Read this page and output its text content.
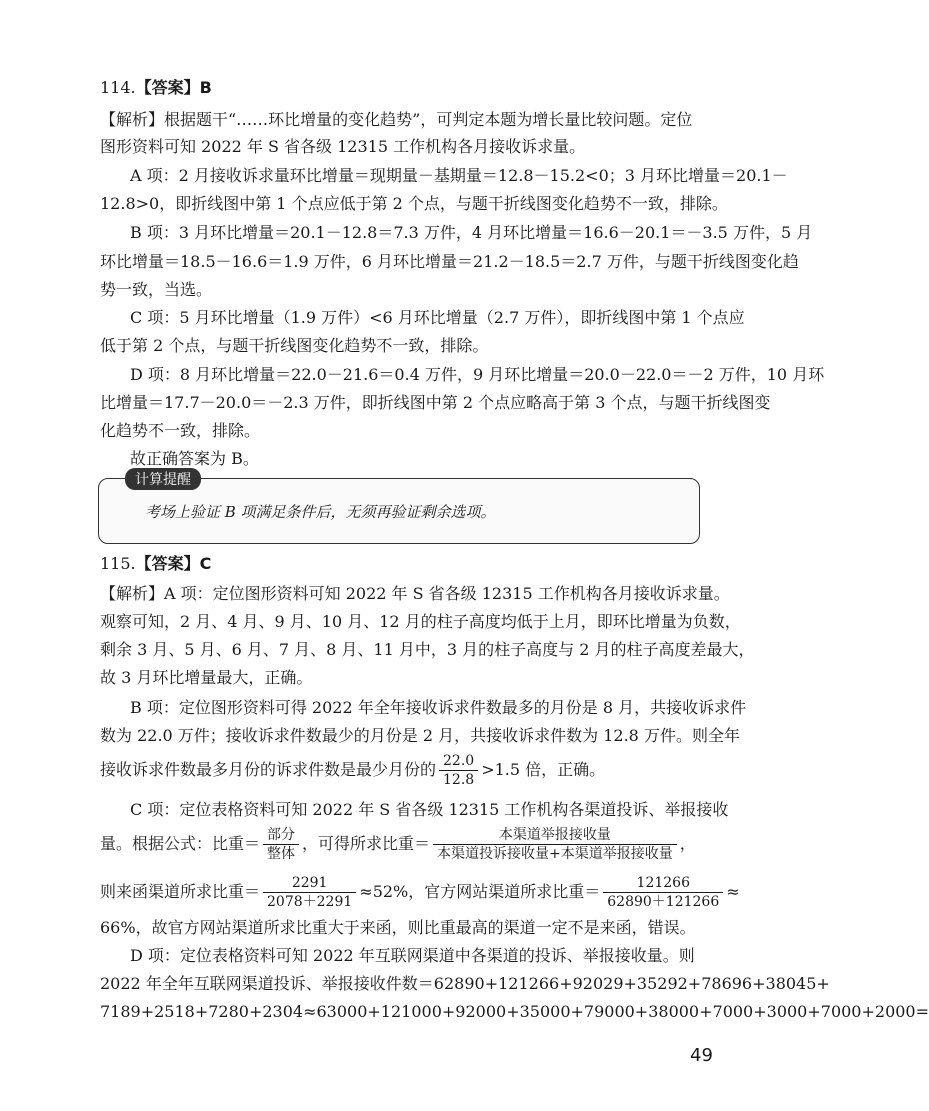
114.【答案】B
【解析】根据题干“……环比增量的变化趋势”，可判定本题为增长量比较问题。定位
图形资料可知 2022 年 S 省各级 12315 工作机构各月接收诉求量。
A 项：2 月接收诉求量环比增量＝现期量－基期量＝12.8－15.2<0；3 月环比增量＝20.1－
12.8>0，即折线图中第 1 个点应低于第 2 个点，与题干折线图变化趋势不一致，排除。
B 项：3 月环比增量＝20.1－12.8＝7.3 万件，4 月环比增量＝16.6－20.1＝－3.5 万件，5 月
环比增量＝18.5－16.6＝1.9 万件，6 月环比增量＝21.2－18.5＝2.7 万件，与题干折线图变化趋
势一致，当选。
C 项：5 月环比增量（1.9 万件）<6 月环比增量（2.7 万件），即折线图中第 1 个点应
低于第 2 个点，与题干折线图变化趋势不一致，排除。
D 项：8 月环比增量＝22.0－21.6＝0.4 万件，9 月环比增量＝20.0－22.0＝－2 万件，10 月环
比增量＝17.7－20.0＝－2.3 万件，即折线图中第 2 个点应略高于第 3 个点，与题干折线图变
化趋势不一致，排除。
故正确答案为 B。
计算提醒
考场上验证 B 项满足条件后，无须再验证剩余选项。
115.【答案】C
【解析】A 项：定位图形资料可知 2022 年 S 省各级 12315 工作机构各月接收诉求量。
观察可知，2 月、4 月、9 月、10 月、12 月的柱子高度均低于上月，即环比增量为负数，
剩余 3 月、5 月、6 月、7 月、8 月、11 月中，3 月的柱子高度与 2 月的柱子高度差最大，
故 3 月环比增量最大，正确。
B 项：定位图形资料可得 2022 年全年接收诉求件数最多的月份是 8 月，共接收诉求件
数为 22.0 万件；接收诉求件数最少的月份是 2 月，共接收诉求件数为 12.8 万件。则全年
接收诉求件数最多月份的诉求件数是最少月份的 $\frac{22.0}{12.8} >1.5$ 倍，正确。
C 项：定位表格资料可知 2022 年 S 省各级 12315 工作机构各渠道投诉、举报接收
量。根据公式：比重＝ $\frac{\text{部分}}{\text{整体}}$ ，可得所求比重＝ $\frac{\text{本渠道举报接收量}}{\text{本渠道投诉接收量+本渠道举报接收量}}$ ，
则来函渠道所求比重＝ $\frac{2291}{2078+2291} \approx 52\%$，官方网站渠道所求比重＝ $\frac{121266}{62890+121266}$ ≈
66%，故官方网站渠道所求比重大于来函，则比重最高的渠道一定不是来函，错误。
D 项：定位表格资料可知 2022 年互联网渠道中各渠道的投诉、举报接收量。则
2022 年全年互联网渠道投诉、举报接收件数＝62890+121266+92029+35292+78696+38045+
7189+2518+7280+2304≈63000+121000+92000+35000+79000+38000+7000+3000+7000+2000=
49
